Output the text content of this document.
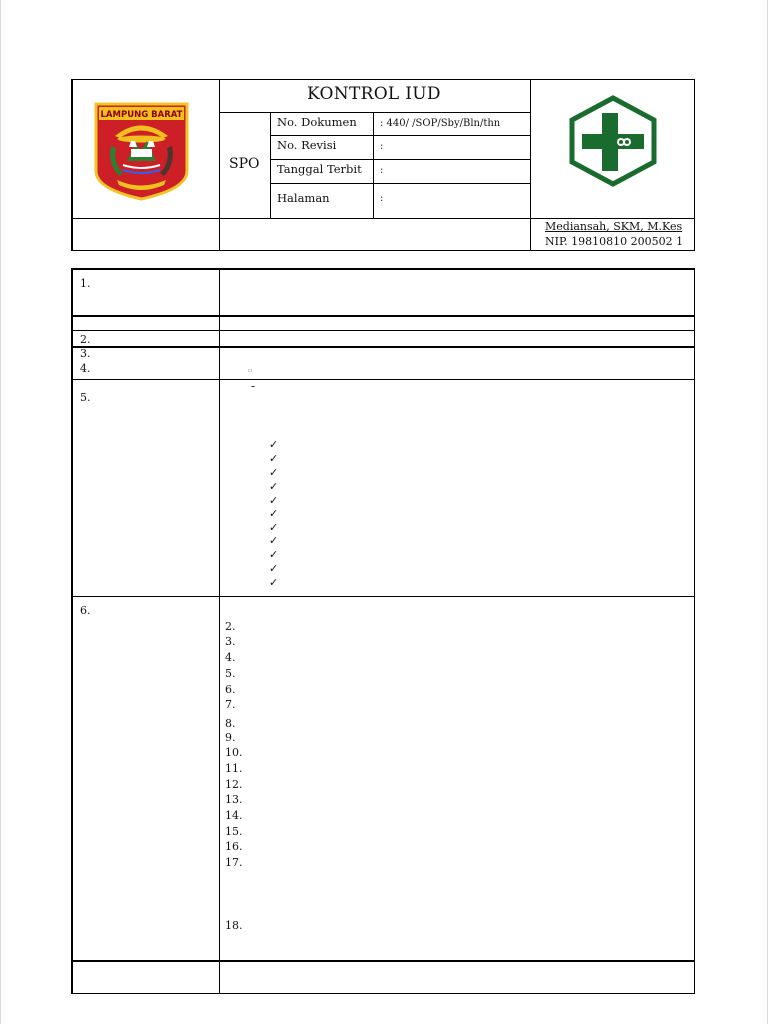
KONTROL IUD
SPO
No. Dokumen : 440/ /SOP/Sby/Bln/thn
No. Revisi	:
Tanggal Terbit :
Halaman	:
Mediansah, SKM, M.Kes
NIP. 19810810 200502 1
LAMPUNG BARAT
1.
2.
3.
4.
5.
6.
▫
-
✓
✓
✓
✓
✓
✓
✓
✓
✓
✓
✓
2.
3.
4.
5.
6.
7.
8.
9.
10.
11.
12.
13.
14.
15.
16.
17.
18.
